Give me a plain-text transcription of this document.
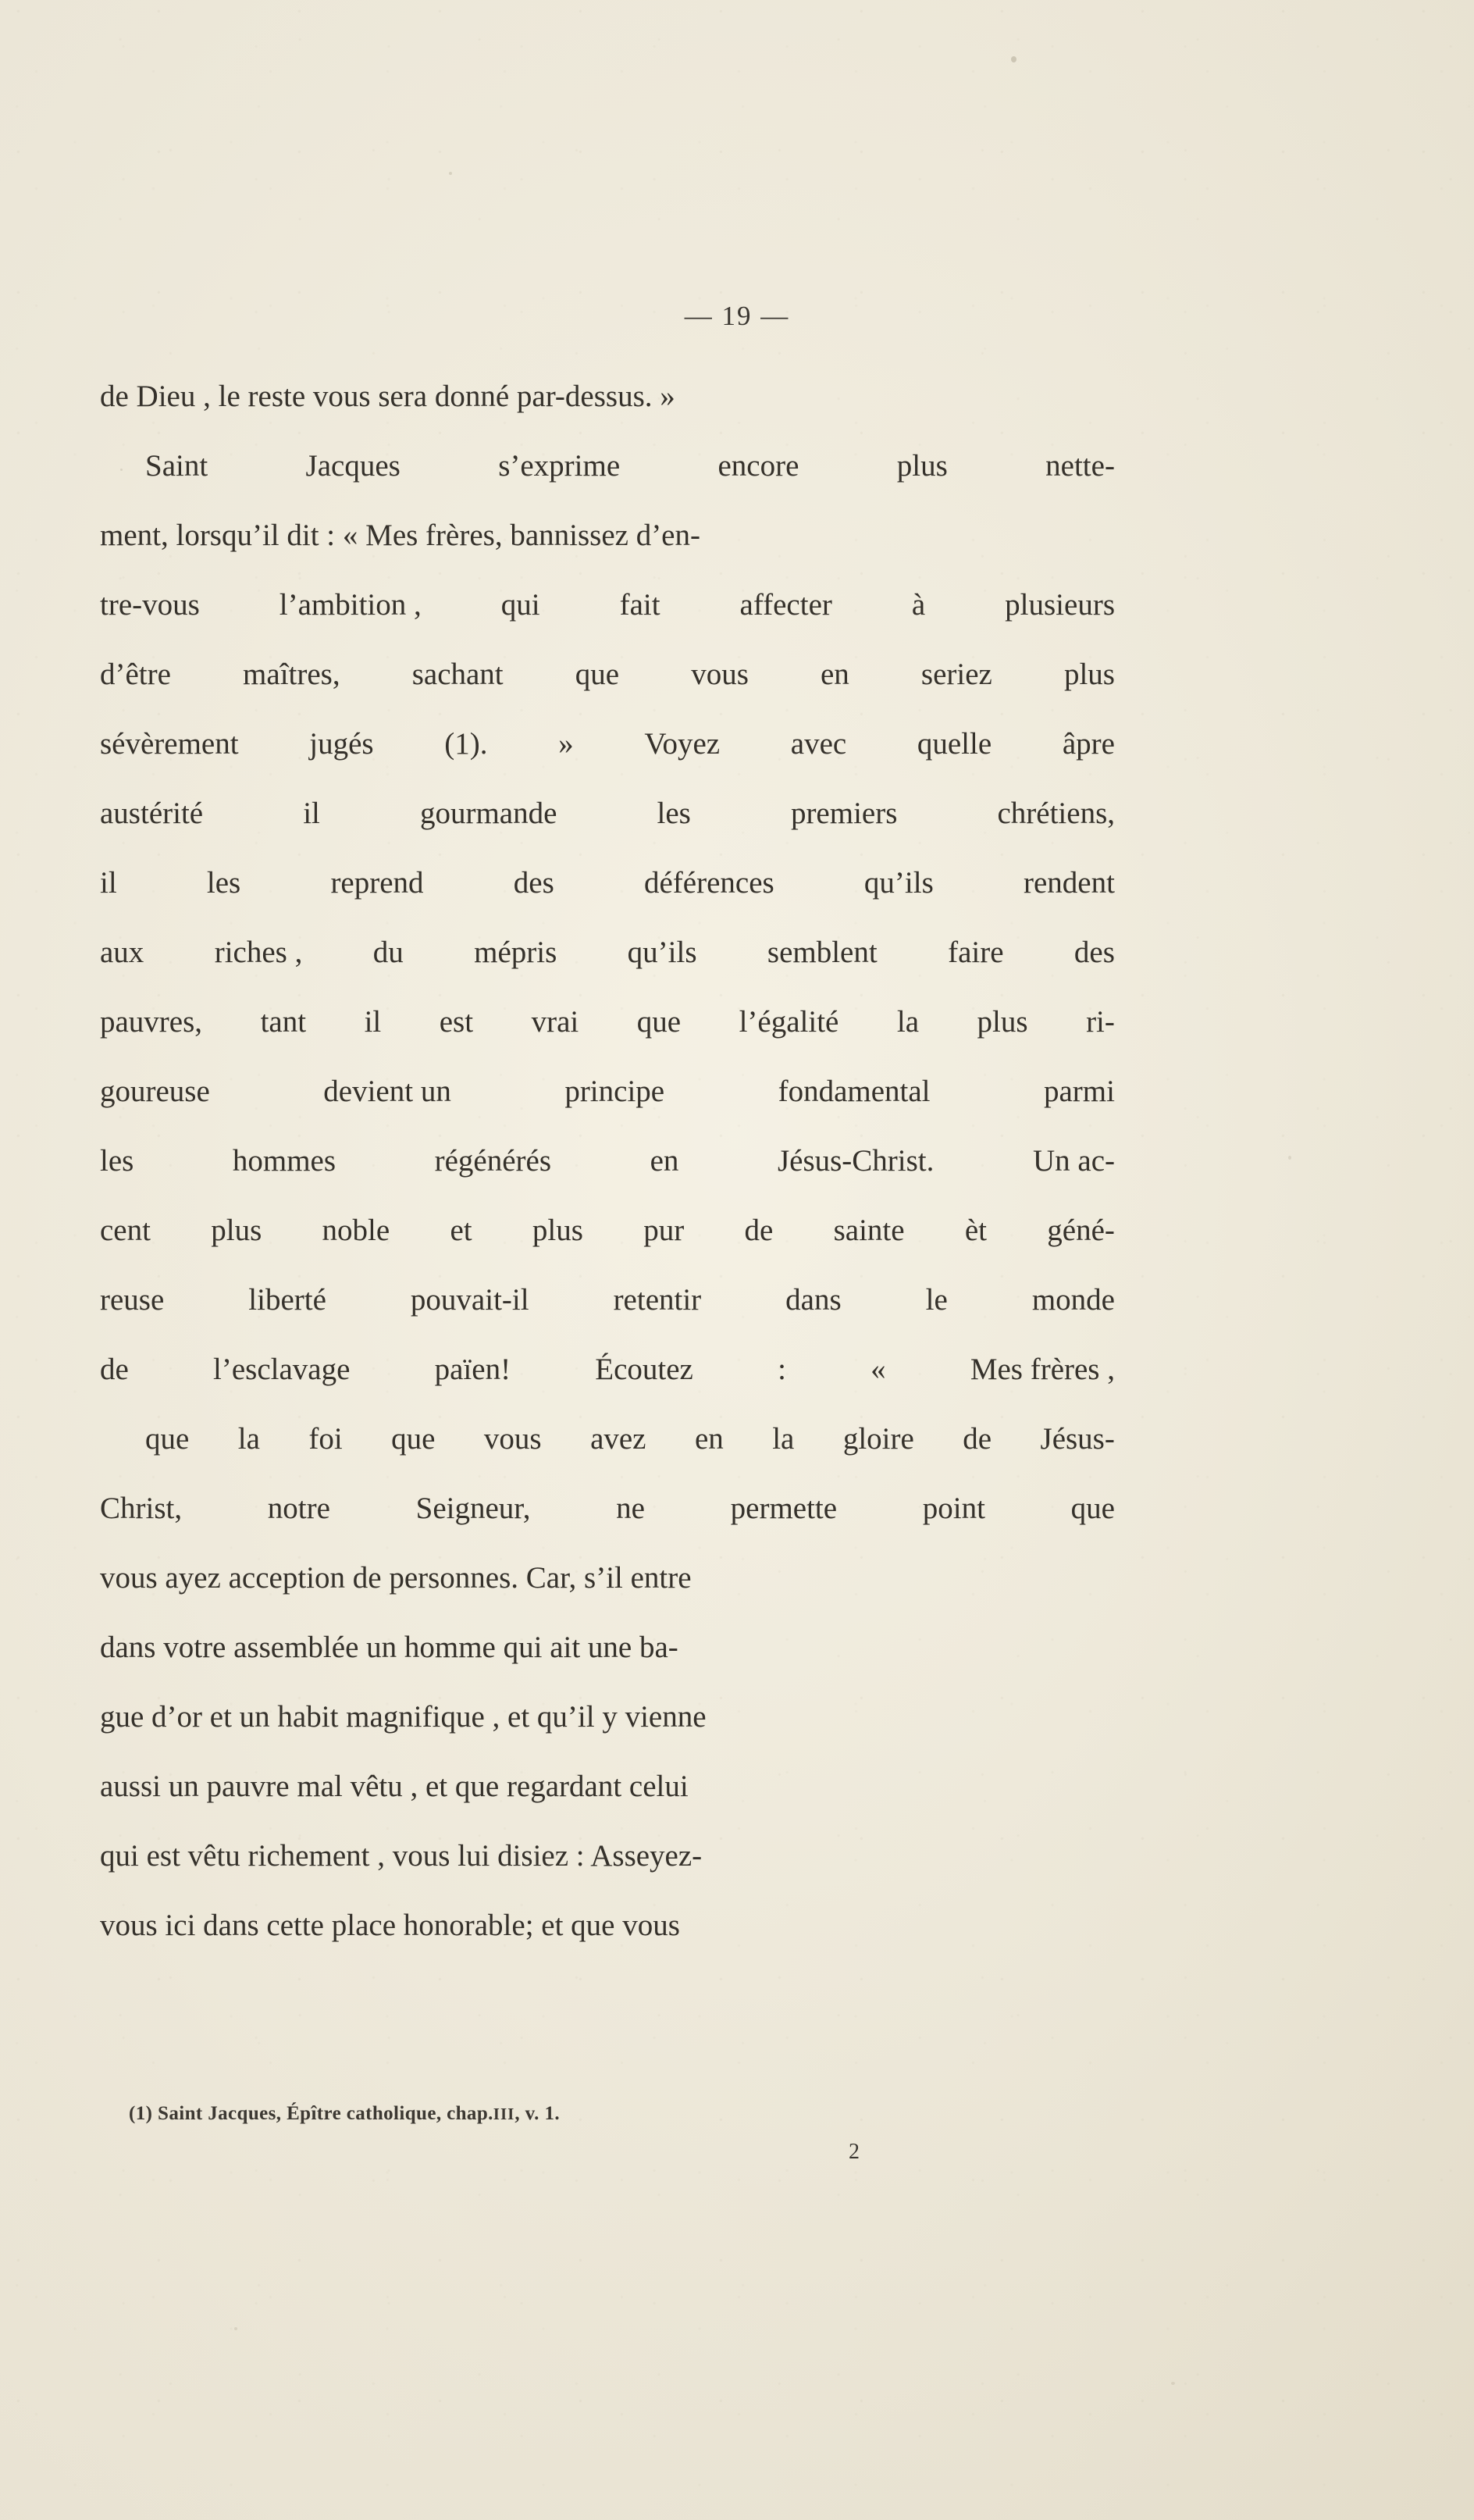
— 19 —

de Dieu , le reste vous sera donné par-dessus. »

Saint	Jacques	s’exprime	encore	plus	nette-

ment, lorsqu’il dit : « Mes frères, bannissez d’en-

tre-vous	l’ambition ,	qui	fait	affecter	à	plusieurs

d’être maîtres, sachant que vous en seriez plus

sévèrement jugés (1). » Voyez avec quelle âpre

austérité	il	gourmande	les	premiers	chrétiens,

il	les	reprend	des	déférences	qu’ils	rendent

aux riches , du mépris qu’ils semblent faire des

pauvres, tant il est vrai que l’égalité la plus ri-

goureuse	devient un	principe	fondamental	parmi

les	hommes	régénérés	en	Jésus-Christ.	Un ac-

cent plus noble et plus pur de sainte èt géné-

reuse	liberté	pouvait-il	retentir	dans	le	monde

de	l’esclavage	païen!	Écoutez	:	«	Mes frères ,

que la foi que vous avez en la gloire de Jésus-

Christ,	notre	Seigneur,	ne	permette	point	que

vous ayez acception de personnes. Car, s’il entre

dans votre assemblée un homme qui ait une ba-

gue d’or et un habit magnifique , et qu’il y vienne

aussi un pauvre mal vêtu , et que regardant celui

qui est vêtu richement , vous lui disiez : Asseyez-

vous ici dans cette place honorable; et que vous

(1) Saint Jacques, Épître catholique, chap.III, v. 1.
2
